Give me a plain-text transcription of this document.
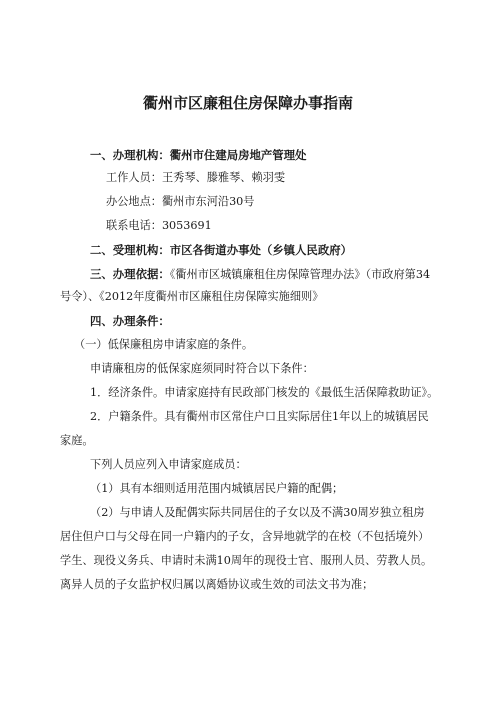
衢州市区廉租住房保障办事指南
一、办理机构：衢州市住建局房地产管理处
工作人员：王秀琴、滕雅琴、赖羽雯
办公地点：衢州市东河沿30号
联系电话：3053691
二、受理机构：市区各街道办事处（乡镇人民政府）
三、办理依据：《衢州市区城镇廉租住房保障管理办法》（市政府第34
号令）、《2012年度衢州市区廉租住房保障实施细则》
四、办理条件：
（一）低保廉租房申请家庭的条件。
申请廉租房的低保家庭须同时符合以下条件：
1．经济条件。申请家庭持有民政部门核发的《最低生活保障救助证》。
2．户籍条件。具有衢州市区常住户口且实际居住1年以上的城镇居民
家庭。
下列人员应列入申请家庭成员：
（1）具有本细则适用范围内城镇居民户籍的配偶；
（2）与申请人及配偶实际共同居住的子女以及不满30周岁独立租房
居住但户口与父母在同一户籍内的子女，含异地就学的在校（不包括境外）
学生、现役义务兵、申请时未满10周年的现役士官、服刑人员、劳教人员。
离异人员的子女监护权归属以离婚协议或生效的司法文书为准；
